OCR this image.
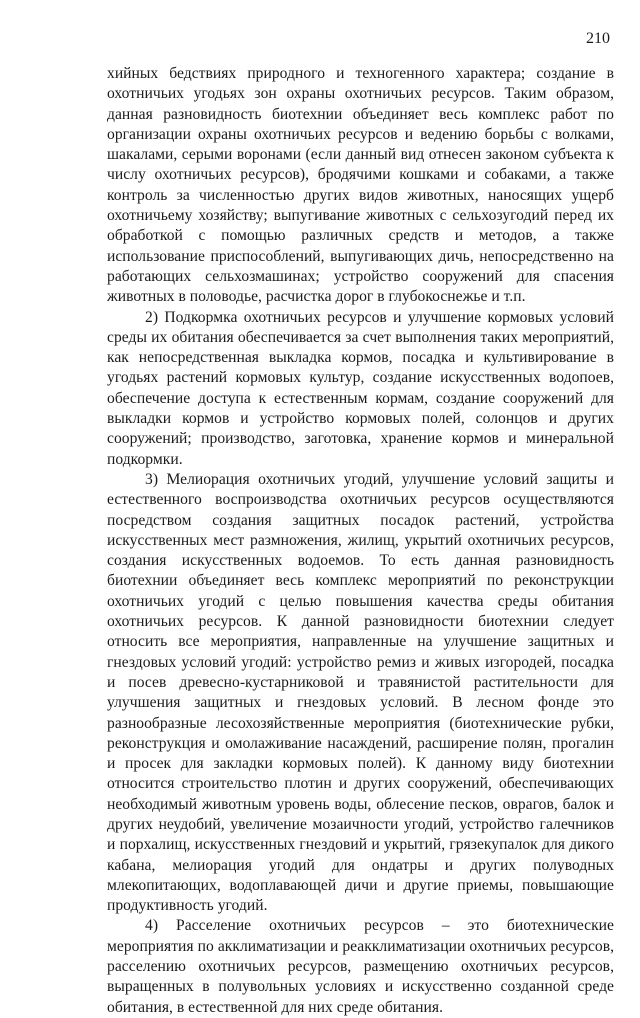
210

хийных бедствиях природного и техногенного характера; создание в охотничьих угодьях зон охраны охотничьих ресурсов. Таким образом, данная разновидность биотехнии объединяет весь комплекс работ по организации охраны охотничьих ресурсов и ведению борьбы с волками, шакалами, серыми воронами (если данный вид отнесен законом субъекта к числу охотничьих ресурсов), бродячими кошками и собаками, а также контроль за численностью других видов животных, наносящих ущерб охотничьему хозяйству; выпугивание животных с сельхозугодий перед их обработкой с помощью различных средств и методов, а также использование приспособлений, выпугивающих дичь, непосредственно на работающих сельхозмашинах; устройство сооружений для спасения животных в половодье, расчистка дорог в глубокоснежье и т.п.

2) Подкормка охотничьих ресурсов и улучшение кормовых условий среды их обитания обеспечивается за счет выполнения таких мероприятий, как непосредственная выкладка кормов, посадка и культивирование в угодьях растений кормовых культур, создание искусственных водопоев, обеспечение доступа к естественным кормам, создание сооружений для выкладки кормов и устройство кормовых полей, солонцов и других сооружений; производство, заготовка, хранение кормов и минеральной подкормки.

3) Мелиорация охотничьих угодий, улучшение условий защиты и естественного воспроизводства охотничьих ресурсов осуществляются посредством создания защитных посадок растений, устройства искусственных мест размножения, жилищ, укрытий охотничьих ресурсов, создания искусственных водоемов. То есть данная разновидность биотехнии объединяет весь комплекс мероприятий по реконструкции охотничьих угодий с целью повышения качества среды обитания охотничьих ресурсов. К данной разновидности биотехнии следует относить все мероприятия, направленные на улучшение защитных и гнездовых условий угодий: устройство ремиз и живых изгородей, посадка и посев древесно-кустарниковой и травянистой растительности для улучшения защитных и гнездовых условий. В лесном фонде это разнообразные лесохозяйственные мероприятия (биотехнические рубки, реконструкция и омолаживание насаждений, расширение полян, прогалин и просек для закладки кормовых полей). К данному виду биотехнии относится строительство плотин и других сооружений, обеспечивающих необходимый животным уровень воды, облесение песков, оврагов, балок и других неудобий, увеличение мозаичности угодий, устройство галечников и порхалищ, искусственных гнездовий и укрытий, грязекупалок для дикого кабана, мелиорация угодий для ондатры и других полуводных млекопитающих, водоплавающей дичи и другие приемы, повышающие продуктивность угодий.

4) Расселение охотничьих ресурсов – это биотехнические мероприятия по акклиматизации и реакклиматизации охотничьих ресурсов, расселению охотничьих ресурсов, размещению охотничьих ресурсов, выращенных в полувольных условиях и искусственно созданной среде обитания, в естественной для них среде обитания.
